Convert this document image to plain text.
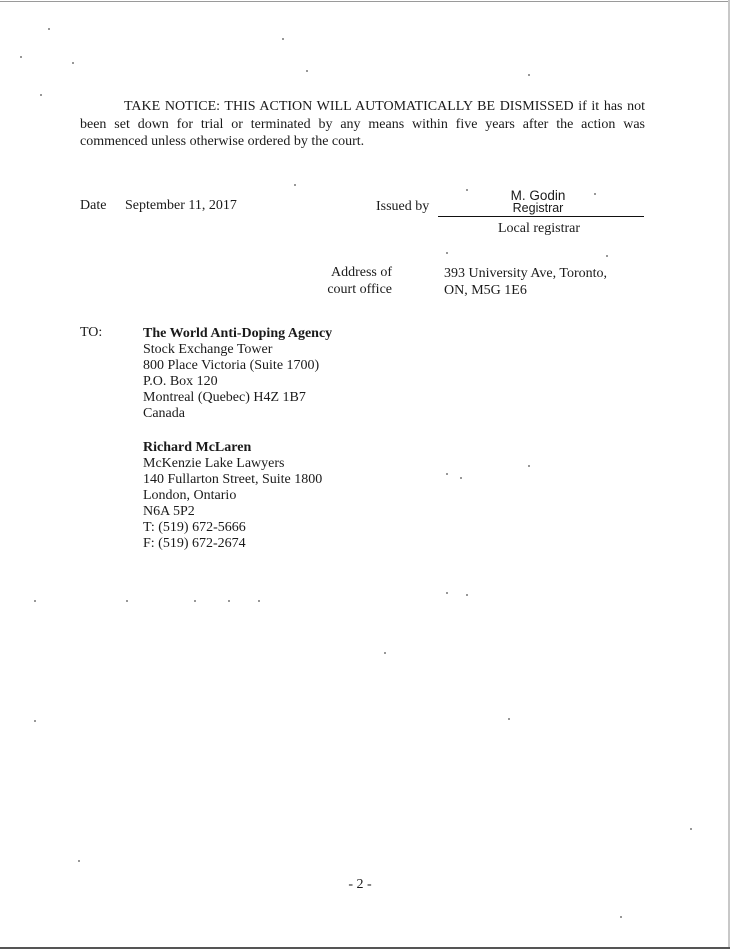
TAKE NOTICE: THIS ACTION WILL AUTOMATICALLY BE DISMISSED if it has not been set down for trial or terminated by any means within five years after the action was commenced unless otherwise ordered by the court.

Date September 11, 2017	Issued by
M. Godin
Registrar
Local registrar
Address of
court office
393 University Ave, Toronto,
ON, M5G 1E6
TO:	The World Anti-Doping Agency
Stock Exchange Tower
800 Place Victoria (Suite 1700)
P.O. Box 120
Montreal (Quebec) H4Z 1B7
Canada
Richard McLaren
McKenzie Lake Lawyers
140 Fullarton Street, Suite 1800
London, Ontario
N6A 5P2
T: (519) 672-5666
F: (519) 672-2674
- 2 -
